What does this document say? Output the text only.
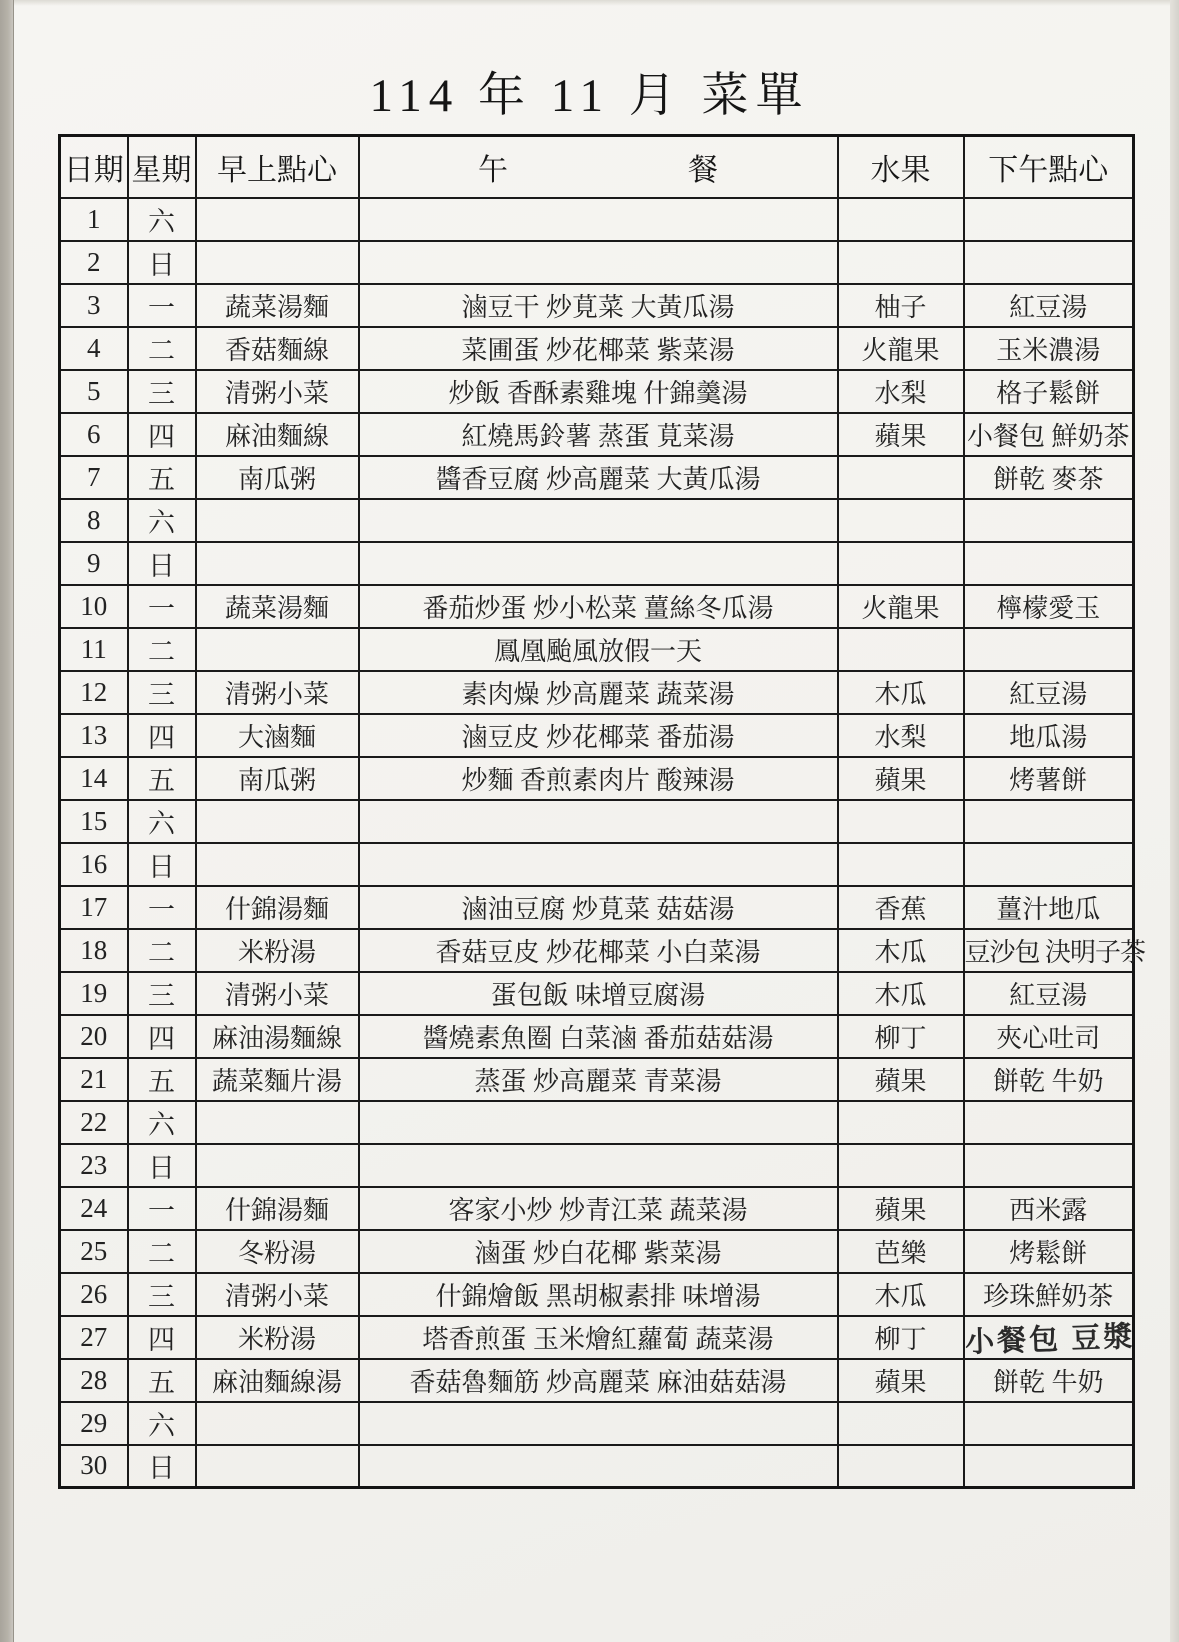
114 年 11 月 菜單
日期	星期	早上點心	午 餐	水果	下午點心
1	六				
2	日				
3	一	蔬菜湯麵	滷豆干 炒莧菜 大黃瓜湯	柚子	紅豆湯
4	二	香菇麵線	菜圃蛋 炒花椰菜 紫菜湯	火龍果	玉米濃湯
5	三	清粥小菜	炒飯 香酥素雞塊 什錦羹湯	水梨	格子鬆餅
6	四	麻油麵線	紅燒馬鈴薯 蒸蛋 莧菜湯	蘋果	小餐包 鮮奶茶
7	五	南瓜粥	醬香豆腐 炒高麗菜 大黃瓜湯		餅乾 麥茶
8	六				
9	日				
10	一	蔬菜湯麵	番茄炒蛋 炒小松菜 薑絲冬瓜湯	火龍果	檸檬愛玉
11	二		鳳凰颱風放假一天		
12	三	清粥小菜	素肉燥 炒高麗菜 蔬菜湯	木瓜	紅豆湯
13	四	大滷麵	滷豆皮 炒花椰菜 番茄湯	水梨	地瓜湯
14	五	南瓜粥	炒麵 香煎素肉片 酸辣湯	蘋果	烤薯餅
15	六				
16	日				
17	一	什錦湯麵	滷油豆腐 炒莧菜 菇菇湯	香蕉	薑汁地瓜
18	二	米粉湯	香菇豆皮 炒花椰菜 小白菜湯	木瓜	豆沙包 決明子茶
19	三	清粥小菜	蛋包飯 味增豆腐湯	木瓜	紅豆湯
20	四	麻油湯麵線	醬燒素魚圈 白菜滷 番茄菇菇湯	柳丁	夾心吐司
21	五	蔬菜麵片湯	蒸蛋 炒高麗菜 青菜湯	蘋果	餅乾 牛奶
22	六				
23	日				
24	一	什錦湯麵	客家小炒 炒青江菜 蔬菜湯	蘋果	西米露
25	二	冬粉湯	滷蛋 炒白花椰 紫菜湯	芭樂	烤鬆餅
26	三	清粥小菜	什錦燴飯 黑胡椒素排 味增湯	木瓜	珍珠鮮奶茶
27	四	米粉湯	塔香煎蛋 玉米燴紅蘿蔔 蔬菜湯	柳丁	小餐包 豆漿
28	五	麻油麵線湯	香菇魯麵筋 炒高麗菜 麻油菇菇湯	蘋果	餅乾 牛奶
29	六				
30	日				
